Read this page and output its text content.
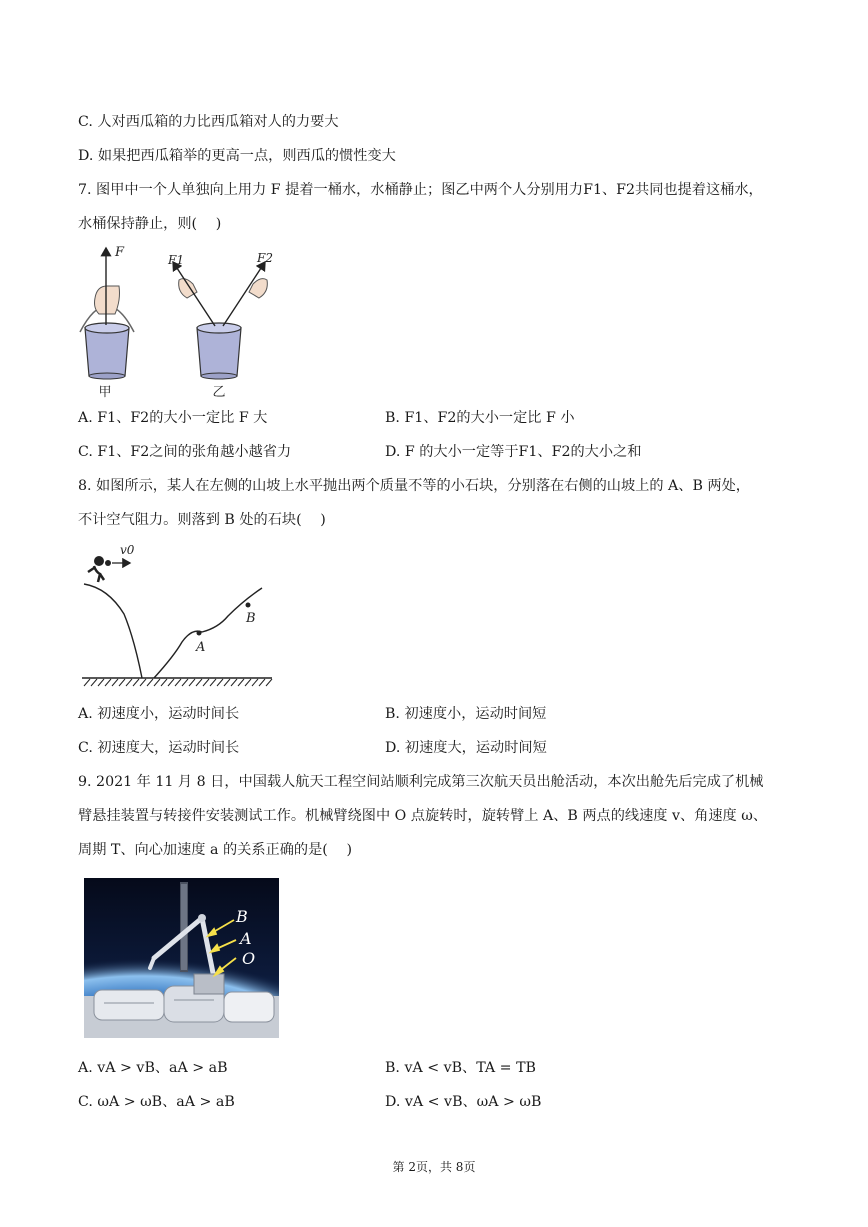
C. 人对西瓜箱的力比西瓜箱对人的力要大
D. 如果把西瓜箱举的更高一点，则西瓜的惯性变大
7. 图甲中一个人单独向上用力 F 提着一桶水，水桶静止；图乙中两个人分别用力F1、F2共同也提着这桶水，
水桶保持静止，则(　 )
F	F1	F2
甲	乙
A. F1、F2的大小一定比 F 大	B. F1、F2的大小一定比 F 小
C. F1、F2之间的张角越小越省力	D. F 的大小一定等于F1、F2的大小之和
8. 如图所示，某人在左侧的山坡上水平抛出两个质量不等的小石块，分别落在右侧的山坡上的 A、B 两处，
不计空气阻力。则落到 B 处的石块(　 )
v0
A
B
A. 初速度小，运动时间长	B. 初速度小，运动时间短
C. 初速度大，运动时间长	D. 初速度大，运动时间短
9. 2021 年 11 月 8 日，中国载人航天工程空间站顺利完成第三次航天员出舱活动，本次出舱先后完成了机械
臂悬挂装置与转接件安装测试工作。机械臂绕图中 O 点旋转时，旋转臂上 A、B 两点的线速度 v、角速度 ω、
周期 T、向心加速度 a 的关系正确的是(　 )
B
A
O
A. vA > vB、aA > aB	B. vA < vB、TA = TB
C. ωA > ωB、aA > aB	D. vA < vB、ωA > ωB
第 2页，共 8页
